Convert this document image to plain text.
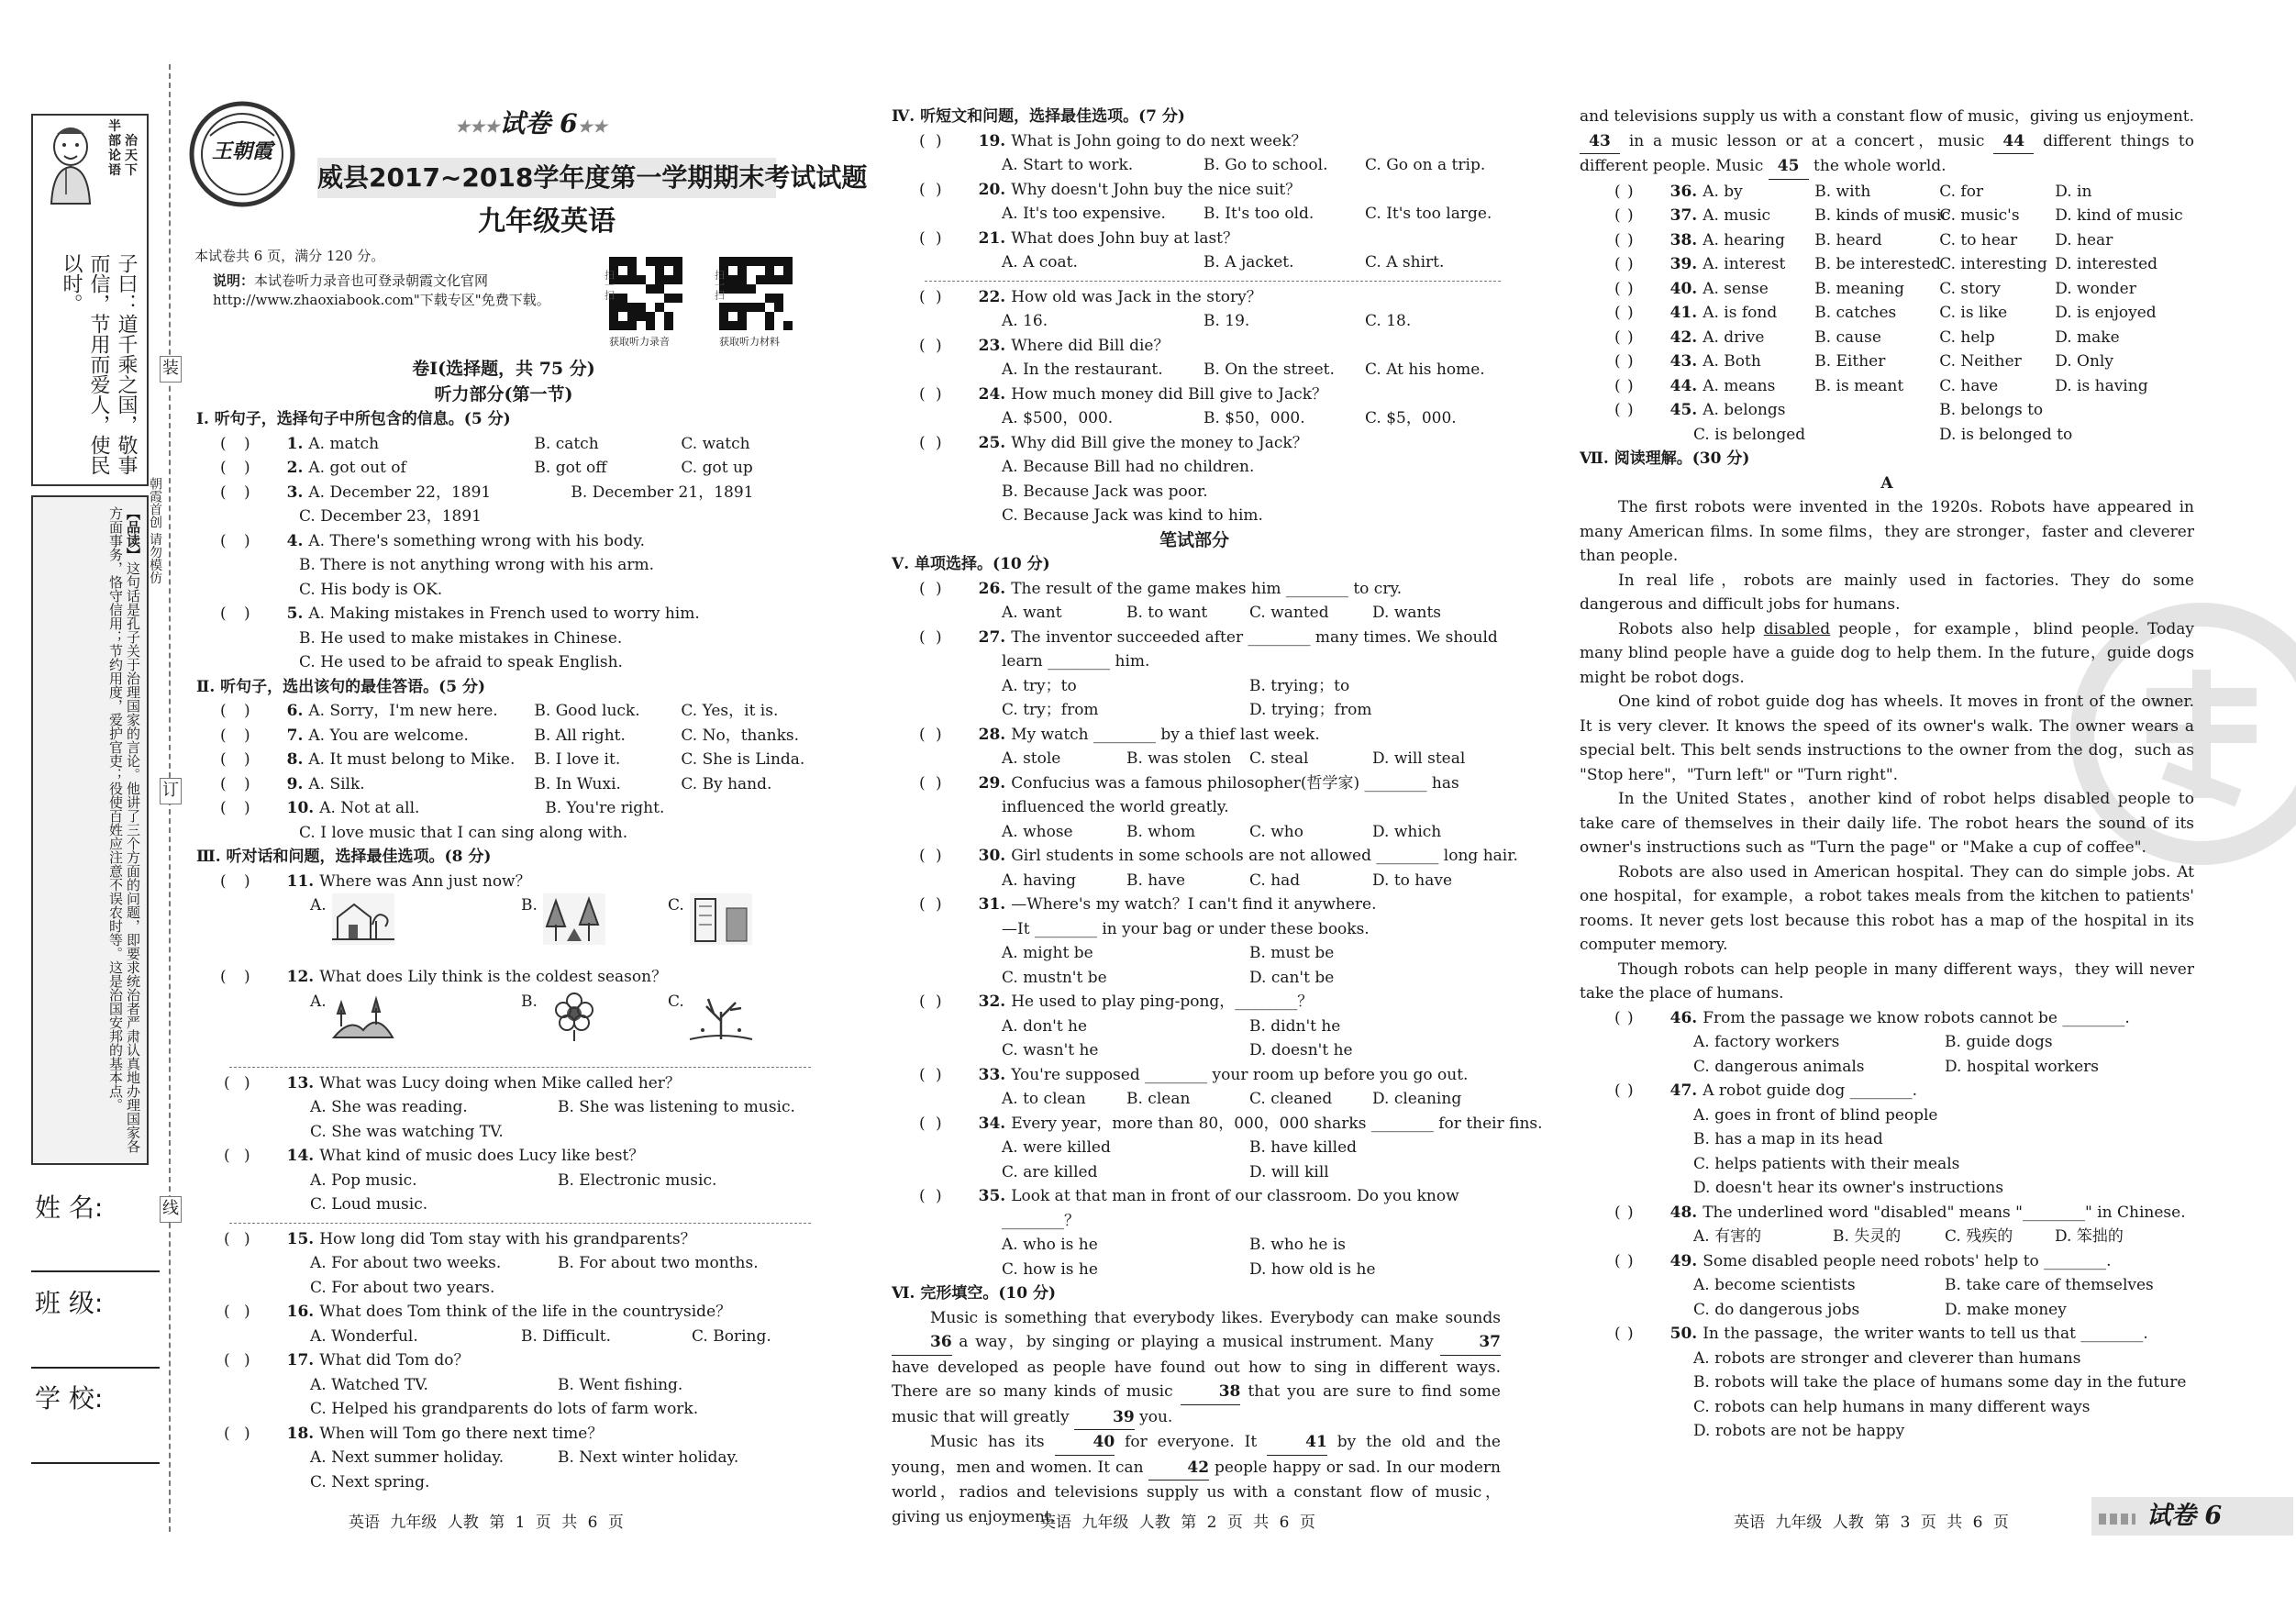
半
部
论
语
治
天
下
子曰：道千乘之国，敬事而信，节用而爱人，使民以时。
【品读】这句话是孔子关于治理国家的言论。他讲了三个方面的问题，即要求统治者严肃认真地办理国家各方面事务，恪守信用；节约用度，爱护官吏；役使百姓应注意不误农时等。这是治国安邦的基本点。
姓 名:
班 级:
学 校:
装
订
线
朝霞首创 请勿模仿
王朝霞
★★★试卷 6★★
威县2017~2018学年度第一学期期末考试试题
九年级英语
本试卷共 6 页，满分 120 分。
说明：本试卷听力录音也可登录朝霞文化官网http://www.zhaoxiabook.com"下载专区"免费下载。
获取听力录音
扫一扫
获取听力材料
扫一扫
卷Ⅰ(选择题，共 75 分)
听力部分(第一节)
Ⅰ. 听句子，选择句子中所包含的信息。(5 分)
(	) 1. A. match	B. catch	C. watch
(	) 2. A. got out of	B. got off	C. got up
(	) 3. A. December 22，1891	B. December 21，1891
C. December 23，1891
(	) 4. A. There's something wrong with his body.
B. There is not anything wrong with his arm.
C. His body is OK.
(	) 5. A. Making mistakes in French used to worry him.
B. He used to make mistakes in Chinese.
C. He used to be afraid to speak English.
Ⅱ. 听句子，选出该句的最佳答语。(5 分)
(	) 6. A. Sorry，I'm new here.	B. Good luck.	C. Yes，it is.
(	) 7. A. You are welcome.	B. All right.	C. No，thanks.
(	) 8. A. It must belong to Mike.	B. I love it.	C. She is Linda.
(	) 9. A. Silk.	B. In Wuxi.	C. By hand.
(	) 10. A. Not at all.	B. You're right.
C. I love music that I can sing along with.
Ⅲ. 听对话和问题，选择最佳选项。(8 分)
(	) 11. Where was Ann just now？
A.	B.	C.
(	) 12. What does Lily think is the coldest season？
A.	B.	C.
( ) 13. What was Lucy doing when Mike called her？
A. She was reading.	B. She was listening to music.
C. She was watching TV.
( ) 14. What kind of music does Lucy like best？
A. Pop music.	B. Electronic music.
C. Loud music.
( ) 15. How long did Tom stay with his grandparents？
A. For about two weeks.	B. For about two months.
C. For about two years.
( ) 16. What does Tom think of the life in the countryside？
A. Wonderful.	B. Difficult.	C. Boring.
( ) 17. What did Tom do？
A. Watched TV.	B. Went fishing.
C. Helped his grandparents do lots of farm work.
( ) 18. When will Tom go there next time？
A. Next summer holiday.	B. Next winter holiday.
C. Next spring.
英语 九年级 人教 第 1 页 共 6 页
Ⅳ. 听短文和问题，选择最佳选项。(7 分)
( ) 19. What is John going to do next week？
A. Start to work.	B. Go to school.	C. Go on a trip.
( ) 20. Why doesn't John buy the nice suit？
A. It's too expensive.	B. It's too old.	C. It's too large.
( ) 21. What does John buy at last？
A. A coat.	B. A jacket.	C. A shirt.
( ) 22. How old was Jack in the story？
A. 16.	B. 19.	C. 18.
( ) 23. Where did Bill die？
A. In the restaurant.	B. On the street.	C. At his home.
( ) 24. How much money did Bill give to Jack？
A. $500，000.	B. $50，000.	C. $5，000.
( ) 25. Why did Bill give the money to Jack？
A. Because Bill had no children.
B. Because Jack was poor.
C. Because Jack was kind to him.
笔试部分
Ⅴ. 单项选择。(10 分)
( ) 26. The result of the game makes him ________ to cry.
A. want	B. to want	C. wanted	D. wants
( ) 27. The inventor succeeded after ________ many times. We should
learn ________ him.
A. try；to	B. trying；to
C. try；from	D. trying；from
( ) 28. My watch ________ by a thief last week.
A. stole	B. was stolen	C. steal	D. will steal
( ) 29. Confucius was a famous philosopher(哲学家) ________ has
influenced the world greatly.
A. whose	B. whom	C. who	D. which
( ) 30. Girl students in some schools are not allowed ________ long hair.
A. having	B. have	C. had	D. to have
( ) 31. —Where's my watch？I can't find it anywhere.
—It ________ in your bag or under these books.
A. might be	B. must be
C. mustn't be	D. can't be
( ) 32. He used to play ping-pong，________？
A. don't he	B. didn't he
C. wasn't he	D. doesn't he
( ) 33. You're supposed ________ your room up before you go out.
A. to clean	B. clean	C. cleaned	D. cleaning
( ) 34. Every year，more than 80，000，000 sharks ________ for their fins.
A. were killed	B. have killed
C. are killed	D. will kill
( ) 35. Look at that man in front of our classroom. Do you know
________？
A. who is he	B. who he is
C. how is he	D. how old is he
Ⅵ. 完形填空。(10 分)
Music is something that everybody likes. Everybody can make sounds 36 a way，by singing or playing a musical instrument. Many 37 have developed as people have found out how to sing in different ways. There are so many kinds of music 38 that you are sure to find some music that will greatly 39 you.
Music has its 40 for everyone. It 41 by the old and the young，men and women. It can 42 people happy or sad. In our modern world，radios and televisions supply us with a constant flow of music，giving us enjoyment.
英语 九年级 人教 第 2 页 共 6 页
and televisions supply us with a constant flow of music，giving us enjoyment. 43 in a music lesson or at a concert，music 44 different things to different people. Music 45 the whole world.
( ) 36. A. by	B. with	C. for	D. in
( ) 37. A. music	B. kinds of music
C. music's	D. kind of music
( ) 38. A. hearing	B. heard	C. to hear	D. hear
( ) 39. A. interest	B. be interested
C. interesting D. interested
( ) 40. A. sense	B. meaning	C. story	D. wonder
( ) 41. A. is fond	B. catches	C. is like	D. is enjoyed
( ) 42. A. drive	B. cause	C. help	D. make
( ) 43. A. Both	B. Either	C. Neither	D. Only
( ) 44. A. means	B. is meant	C. have	D. is having
( ) 45. A. belongs	B. belongs to
C. is belonged	D. is belonged to
Ⅶ. 阅读理解。(30 分)
A
The first robots were invented in the 1920s. Robots have appeared in many American films. In some films，they are stronger，faster and cleverer than people.
In real life，robots are mainly used in factories. They do some dangerous and difficult jobs for humans.
Robots also help disabled people，for example，blind people. Today many blind people have a guide dog to help them. In the future，guide dogs might be robot dogs.
One kind of robot guide dog has wheels. It moves in front of the owner. It is very clever. It knows the speed of its owner's walk. The owner wears a special belt. This belt sends instructions to the owner from the dog，such as "Stop here"，"Turn left" or "Turn right".
In the United States，another kind of robot helps disabled people to take care of themselves in their daily life. The robot hears the sound of its owner's instructions such as "Turn the page" or "Make a cup of coffee".
Robots are also used in American hospital. They can do simple jobs. At one hospital，for example，a robot takes meals from the kitchen to patients' rooms. It never gets lost because this robot has a map of the hospital in its computer memory.
Though robots can help people in many different ways，they will never take the place of humans.
( ) 46. From the passage we know robots cannot be ________.
A. factory workers	B. guide dogs
C. dangerous animals	D. hospital workers
( ) 47. A robot guide dog ________.
A. goes in front of blind people
B. has a map in its head
C. helps patients with their meals
D. doesn't hear its owner's instructions
( ) 48. The underlined word "disabled" means "________" in Chinese.
A. 有害的	B. 失灵的	C. 残疾的	D. 笨拙的
( ) 49. Some disabled people need robots' help to ________.
A. become scientists	B. take care of themselves
C. do dangerous jobs	D. make money
( ) 50. In the passage，the writer wants to tell us that ________.
A. robots are stronger and cleverer than humans
B. robots will take the place of humans some day in the future
C. robots can help humans in many different ways
D. robots are not be happy
英语 九年级 人教 第 3 页 共 6 页	试卷 6
